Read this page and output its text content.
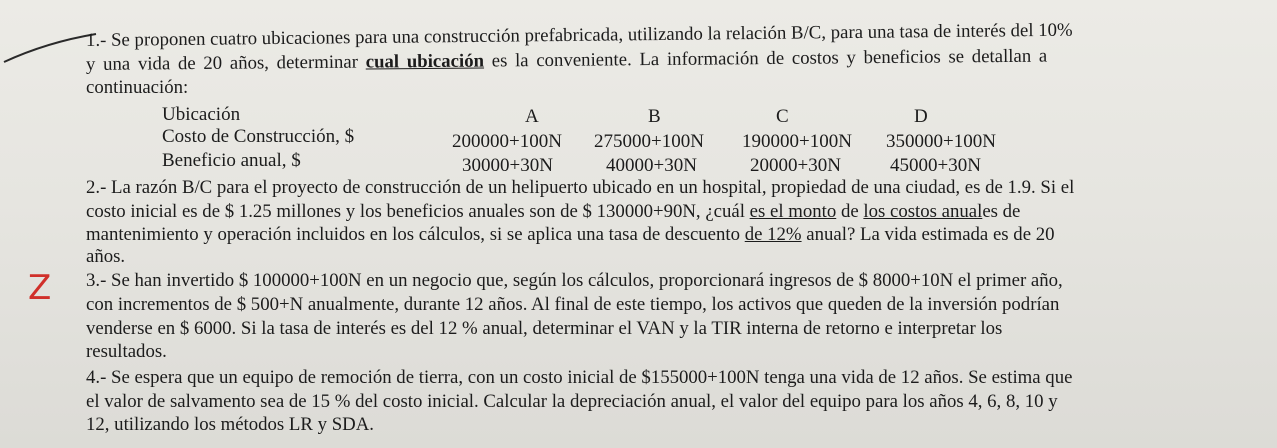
1.- Se proponen cuatro ubicaciones para una construcción prefabricada, utilizando la relación B/C, para una tasa de interés del 10%
y una vida de 20 años, determinar cual ubicación es la conveniente. La información de costos y beneficios se detallan a
continuación:
Ubicación	A	B	C	D
Costo de Construcción, $	200000+100N 275000+100N 190000+100N 350000+100N
Beneficio anual, $	30000+30N	40000+30N	20000+30N	45000+30N
2.- La razón B/C para el proyecto de construcción de un helipuerto ubicado en un hospital, propiedad de una ciudad, es de 1.9. Si el
costo inicial es de $ 1.25 millones y los beneficios anuales son de $ 130000+90N, ¿cuál es el monto de los costos anuales de
mantenimiento y operación incluidos en los cálculos, si se aplica una tasa de descuento de 12% anual? La vida estimada es de 20
años.
Z	3.- Se han invertido $ 100000+100N en un negocio que, según los cálculos, proporcionará ingresos de $ 8000+10N el primer año,
con incrementos de $ 500+N anualmente, durante 12 años. Al final de este tiempo, los activos que queden de la inversión podrían
venderse en $ 6000. Si la tasa de interés es del 12 % anual, determinar el VAN y la TIR interna de retorno e interpretar los
resultados.
4.- Se espera que un equipo de remoción de tierra, con un costo inicial de $155000+100N tenga una vida de 12 años. Se estima que
el valor de salvamento sea de 15 % del costo inicial. Calcular la depreciación anual, el valor del equipo para los años 4, 6, 8, 10 y
12, utilizando los métodos LR y SDA.
